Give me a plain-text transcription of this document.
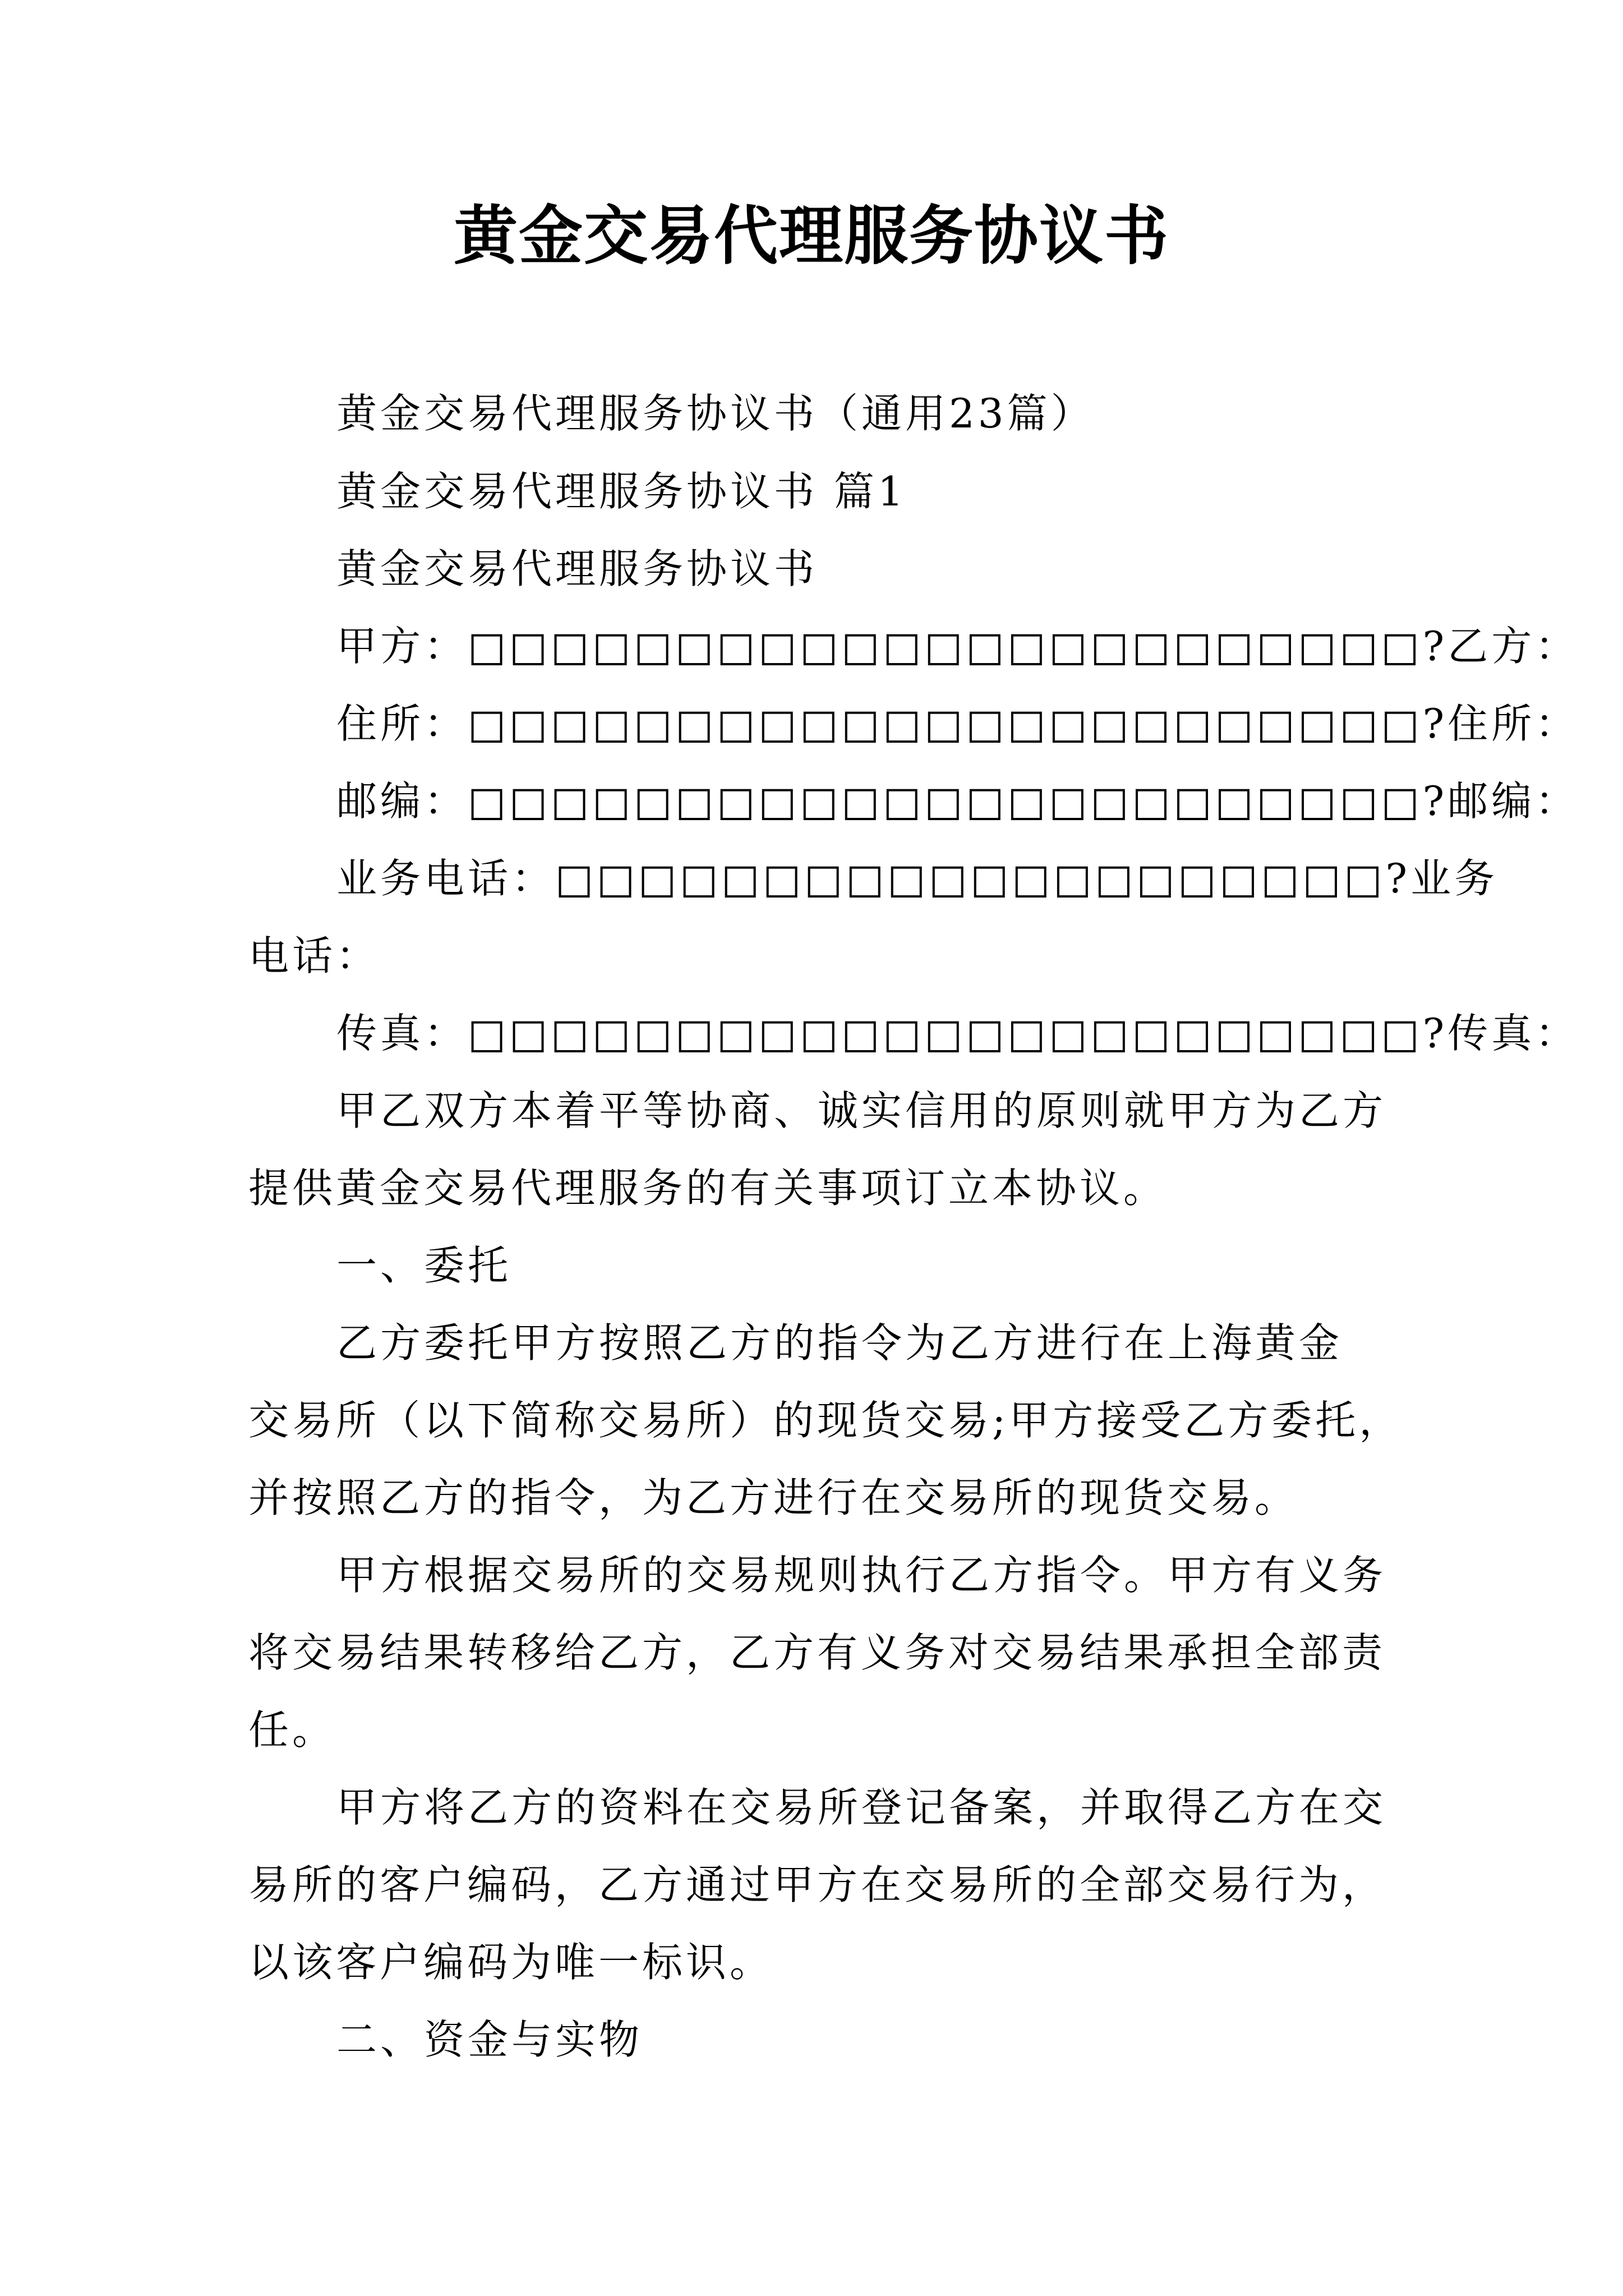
黄金交易代理服务协议书
黄金交易代理服务协议书（通用23篇）
黄金交易代理服务协议书 篇1
黄金交易代理服务协议书
甲方：□□□□□□□□□□□□□□□□□□□□□□□?乙方：
住所：□□□□□□□□□□□□□□□□□□□□□□□?住所：
邮编：□□□□□□□□□□□□□□□□□□□□□□□?邮编：
业务电话：□□□□□□□□□□□□□□□□□□□□?业务
电话：
传真：□□□□□□□□□□□□□□□□□□□□□□□?传真：
甲乙双方本着平等协商、诚实信用的原则就甲方为乙方
提供黄金交易代理服务的有关事项订立本协议。
一、委托
乙方委托甲方按照乙方的指令为乙方进行在上海黄金
交易所（以下简称交易所）的现货交易;甲方接受乙方委托，
并按照乙方的指令，为乙方进行在交易所的现货交易。
甲方根据交易所的交易规则执行乙方指令。甲方有义务
将交易结果转移给乙方，乙方有义务对交易结果承担全部责
任。
甲方将乙方的资料在交易所登记备案，并取得乙方在交
易所的客户编码，乙方通过甲方在交易所的全部交易行为，
以该客户编码为唯一标识。
二、资金与实物
